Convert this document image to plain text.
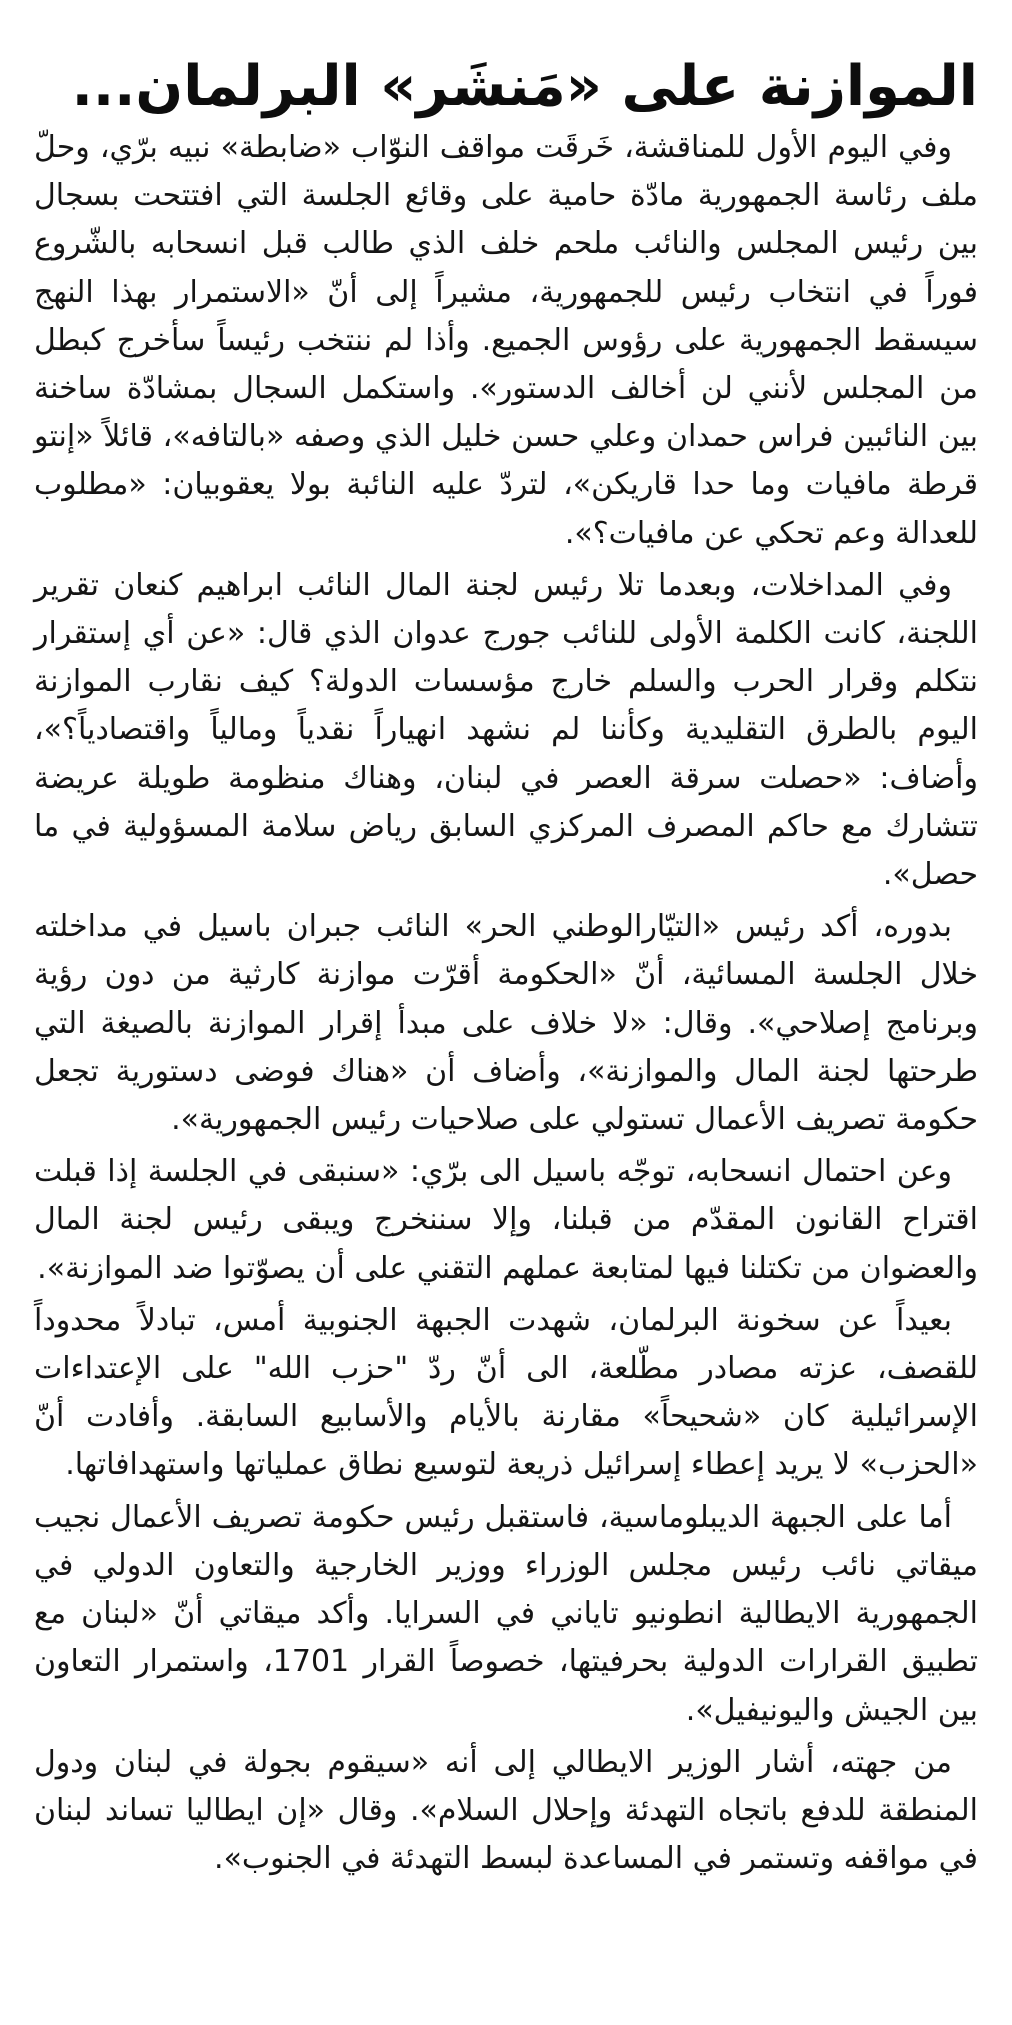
الموازنة على «مَنشَر» البرلمان...

وفي اليوم الأول للمناقشة، خَرقَت مواقف النوّاب «ضابطة» نبيه برّي، وحلّ ملف رئاسة الجمهورية مادّة حامية على وقائع الجلسة التي افتتحت بسجال بين رئيس المجلس والنائب ملحم خلف الذي طالب قبل انسحابه بالشّروع فوراً في انتخاب رئيس للجمهورية، مشيراً إلى أنّ «الاستمرار بهذا النهج سيسقط الجمهورية على رؤوس الجميع. وأذا لم ننتخب رئيساً سأخرج كبطل من المجلس لأنني لن أخالف الدستور». واستكمل السجال بمشادّة ساخنة بين النائبين فراس حمدان وعلي حسن خليل الذي وصفه «بالتافه»، قائلاً «إنتو قرطة مافيات وما حدا قاريكن»، لتردّ عليه النائبة بولا يعقوبيان: «مطلوب للعدالة وعم تحكي عن مافيات؟».

وفي المداخلات، وبعدما تلا رئيس لجنة المال النائب ابراهيم كنعان تقرير اللجنة، كانت الكلمة الأولى للنائب جورج عدوان الذي قال: «عن أي إستقرار نتكلم وقرار الحرب والسلم خارج مؤسسات الدولة؟ كيف نقارب الموازنة اليوم بالطرق التقليدية وكأننا لم نشهد انهياراً نقدياً ومالياً واقتصادياً؟»، وأضاف: «حصلت سرقة العصر في لبنان، وهناك منظومة طويلة عريضة تتشارك مع حاكم المصرف المركزي السابق رياض سلامة المسؤولية في ما حصل».

بدوره، أكد رئيس «التيّارالوطني الحر» النائب جبران باسيل في مداخلته خلال الجلسة المسائية، أنّ «الحكومة أقرّت موازنة كارثية من دون رؤية وبرنامج إصلاحي». وقال: «لا خلاف على مبدأ إقرار الموازنة بالصيغة التي طرحتها لجنة المال والموازنة»، وأضاف أن «هناك فوضى دستورية تجعل حكومة تصريف الأعمال تستولي على صلاحيات رئيس الجمهورية».

وعن احتمال انسحابه، توجّه باسيل الى برّي: «سنبقى في الجلسة إذا قبلت اقتراح القانون المقدّم من قبلنا، وإلا سننخرج ويبقى رئيس لجنة المال والعضوان من تكتلنا فيها لمتابعة عملهم التقني على أن يصوّتوا ضد الموازنة».

بعيداً عن سخونة البرلمان، شهدت الجبهة الجنوبية أمس، تبادلاً محدوداً للقصف، عزته مصادر مطّلعة، الى أنّ ردّ "حزب الله" على الإعتداءات الإسرائيلية كان «شحيحاً» مقارنة بالأيام والأسابيع السابقة. وأفادت أنّ «الحزب» لا يريد إعطاء إسرائيل ذريعة لتوسيع نطاق عملياتها واستهدافاتها.

أما على الجبهة الديبلوماسية، فاستقبل رئيس حكومة تصريف الأعمال نجيب ميقاتي نائب رئيس مجلس الوزراء ووزير الخارجية والتعاون الدولي في الجمهورية الايطالية انطونيو تاياني في السرايا. وأكد ميقاتي أنّ «لبنان مع تطبيق القرارات الدولية بحرفيتها، خصوصاً القرار 1701، واستمرار التعاون بين الجيش واليونيفيل».

من جهته، أشار الوزير الايطالي إلى أنه «سيقوم بجولة في لبنان ودول المنطقة للدفع باتجاه التهدئة وإحلال السلام». وقال «إن ايطاليا تساند لبنان في مواقفه وتستمر في المساعدة لبسط التهدئة في الجنوب».
